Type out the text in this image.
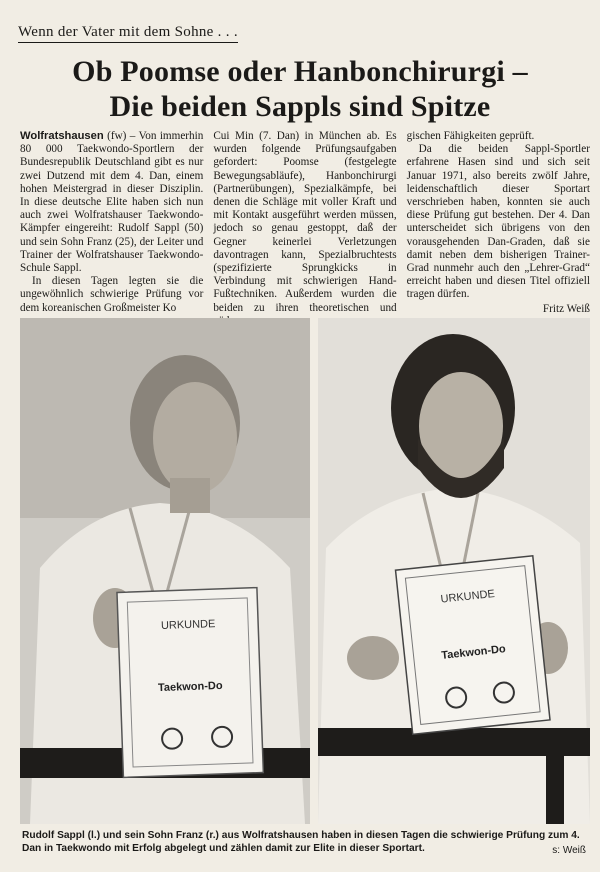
Wenn der Vater mit dem Sohne . . .
Ob Poomse oder Hanbonchirurgi –
Die beiden Sappls sind Spitze

Wolfratshausen (fw) – Von immerhin 80 000 Taekwondo-Sportlern der Bundesrepublik Deutschland gibt es nur zwei Dutzend mit dem 4. Dan, einem hohen Meistergrad in dieser Disziplin. In diese deutsche Elite haben sich nun auch zwei Wolfratshauser Taekwondo-Kämpfer eingereiht: Rudolf Sappl (50) und sein Sohn Franz (25), der Leiter und Trainer der Wolfratshauser Taekwondo-Schule Sappl.

In diesen Tagen legten sie die ungewöhnlich schwierige Prüfung vor dem koreanischen Großmeister Ko

Cui Min (7. Dan) in München ab. Es wurden folgende Prüfungsaufgaben gefordert: Poomse (festgelegte Bewegungsabläufe), Hanbonchirurgi (Partnerübungen), Spezialkämpfe, bei denen die Schläge mit voller Kraft und mit Kontakt ausgeführt werden müssen, jedoch so genau gestoppt, daß der Gegner keinerlei Verletzungen davontragen kann, Spezialbruchtests (spezifizierte Sprungkicks in Verbindung mit schwierigen Hand-Fußtechniken. Außerdem wurden die beiden zu ihren theoretischen und

gischen Fähigkeiten geprüft.

Da die beiden Sappl-Sportler erfahrene Hasen sind und sich seit Januar 1971, also bereits zwölf Jahre, leidenschaftlich dieser Sportart verschrieben haben, konnten sie auch diese Prüfung gut bestehen. Der 4. Dan unterscheidet sich übrigens von den vorausgehenden Dan-Graden, daß sie damit neben dem bisherigen Trainer-Grad nunmehr auch den „Lehrer-Grad“ erreicht haben und diesen Titel offiziell tragen dürfen.

Fritz Weiß
URKUNDE
Taekwon-Do
URKUNDE
Taekwon-Do
Rudolf Sappl (l.) und sein Sohn Franz (r.) aus Wolfratshausen haben in diesen Tagen die schwierige Prüfung zum 4. Dan in Taekwondo mit Erfolg abgelegt und zählen damit zur Elite in dieser Sportart.	s: Weiß
